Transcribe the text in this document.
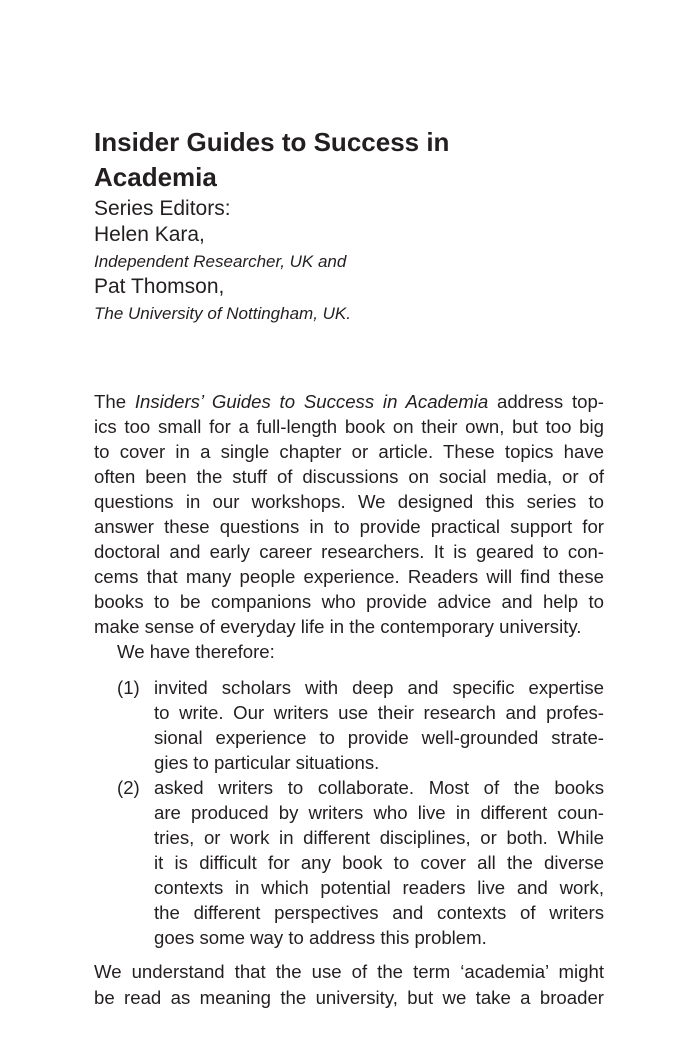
Insider Guides to Success in
Academia
Series Editors:
Helen Kara,
Independent Researcher, UK and
Pat Thomson,
The University of Nottingham, UK.
The Insiders’ Guides to Success in Academia address top-
We have therefore:
ics too small for a full-length book on their own, but too big
to cover in a single chapter or article. These topics have
often been the stuff of discussions on social media, or of
questions in our workshops. We designed this series to
answer these questions in to provide practical support for
doctoral and early career researchers. It is geared to con-
cems that many people experience. Readers will find these
books to be companions who provide advice and help to
make sense of everyday life in the contemporary university.
(1) invited scholars with deep and specific expertise
to write. Our writers use their research and profes-
sional experience to provide well-grounded strate-
gies to particular situations.
(2) asked writers to collaborate. Most of the books
are produced by writers who live in different coun-
tries, or work in different disciplines, or both. While
it is difficult for any book to cover all the diverse
contexts in which potential readers live and work,
the different perspectives and contexts of writers
goes some way to address this problem.
We understand that the use of the term ‘academia’ might
be read as meaning the university, but we take a broader
